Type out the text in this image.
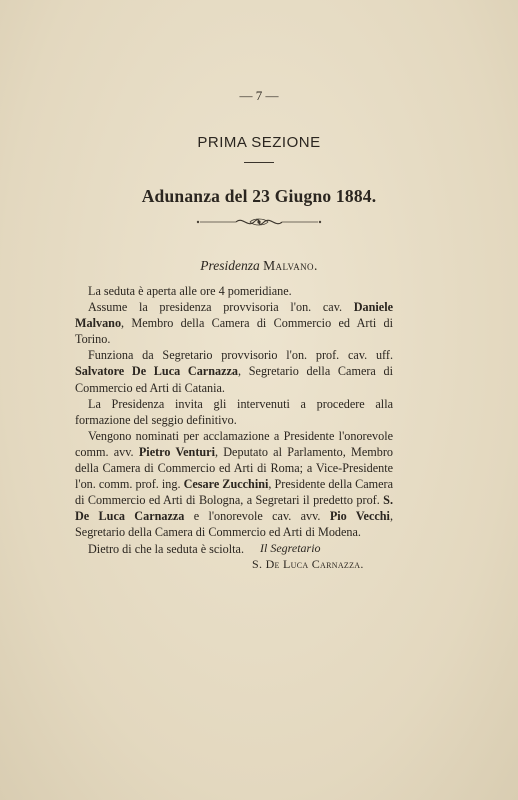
— 7 —
PRIMA SEZIONE
Adunanza del 23 Giugno 1884.
Presidenza Malvano.

La seduta è aperta alle ore 4 pomeridiane.

Assume la presidenza provvisoria l'on. cav. Daniele Malvano, Membro della Camera di Commercio ed Arti di Torino.

Funziona da Segretario provvisorio l'on. prof. cav. uff. Salvatore De Luca Carnazza, Segretario della Camera di Commercio ed Arti di Catania.

La Presidenza invita gli intervenuti a procedere alla formazione del seggio definitivo.

Vengono nominati per acclamazione a Presidente l'onorevole comm. avv. Pietro Venturi, Deputato al Parlamento, Membro della Camera di Commercio ed Arti di Roma; a Vice-Presidente l'on. comm. prof. ing. Cesare Zucchini, Presidente della Camera di Commercio ed Arti di Bologna, a Segretari il predetto prof. S. De Luca Carnazza e l'onorevole cav. avv. Pio Vecchi, Segretario della Camera di Commercio ed Arti di Modena.

Dietro di che la seduta è sciolta.	Il Segretario
S. De Luca Carnazza.
